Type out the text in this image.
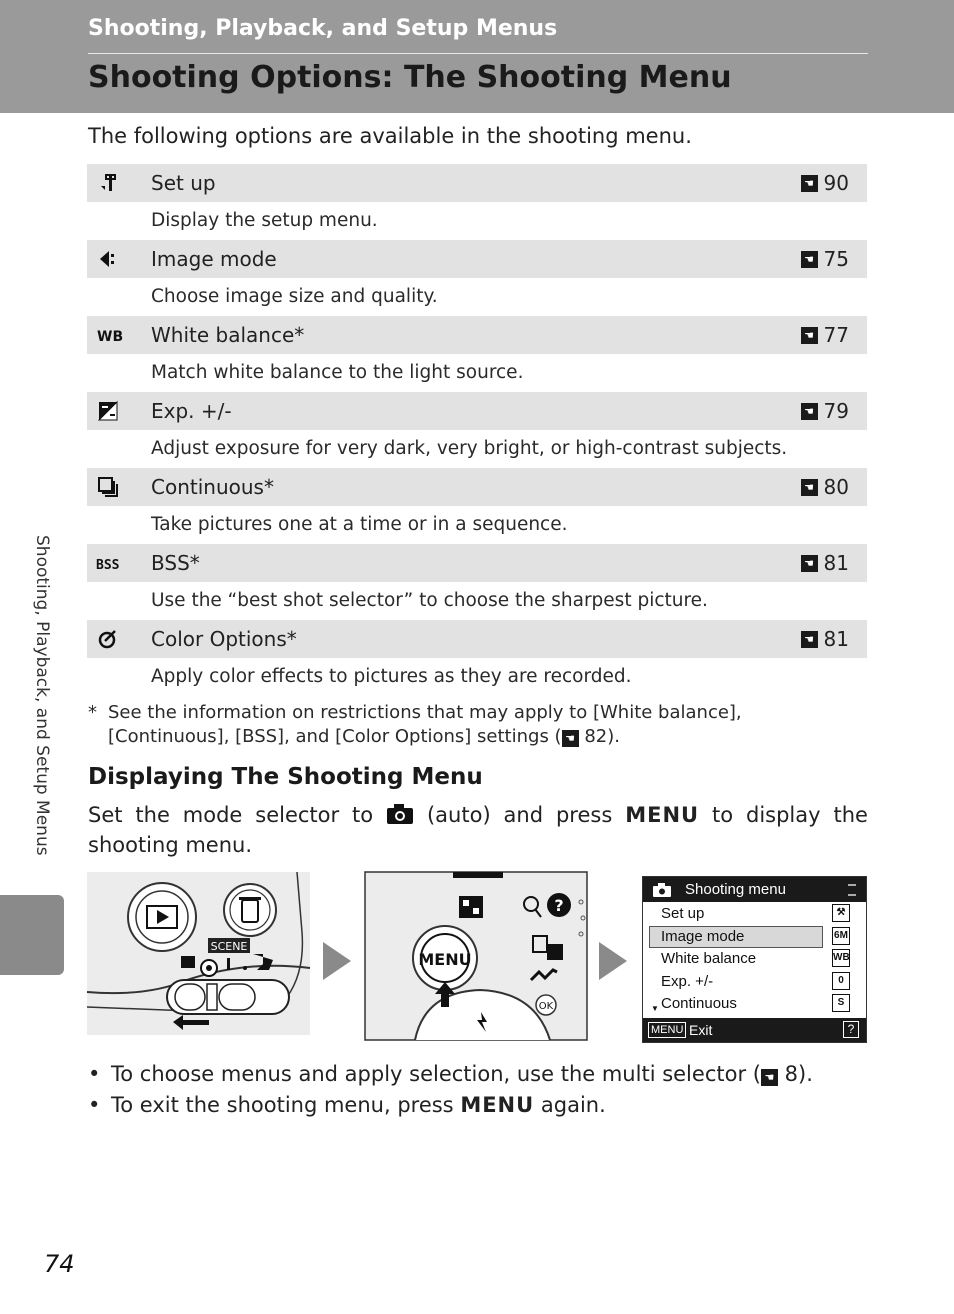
Shooting, Playback, and Setup Menus
Shooting Options: The Shooting Menu
The following options are available in the shooting menu.
Set up	☚ 90
Display the setup menu.
Image mode	☚ 75
Choose image size and quality.
WB White balance*	☚ 77
Match white balance to the light source.
Exp. +/-	☚ 79
Adjust exposure for very dark, very bright, or high-contrast subjects.
Continuous*	☚ 80
Take pictures one at a time or in a sequence.
BSS BSS*	☚ 81
Use the “best shot selector” to choose the sharpest picture.
Color Options*	☚ 81
Apply color effects to pictures as they are recorded.
* See the information on restrictions that may apply to [White balance], [Continuous], [BSS], and [Color Options] settings ( ☚ 82).
Displaying The Shooting Menu
Set the mode selector to	(auto) and press MENU to display the shooting menu.
Shooting, Playback, and Setup Menus
SCENE
?
MENU
OK
Shooting menu
Set up	⚒
Image mode	6M
White balance	WB
Exp. +/-	0
▼ Continuous	S
MENU Exit	?
• To choose menus and apply selection, use the multi selector ( ☚ 8).
• To exit the shooting menu, press MENU again.
74
